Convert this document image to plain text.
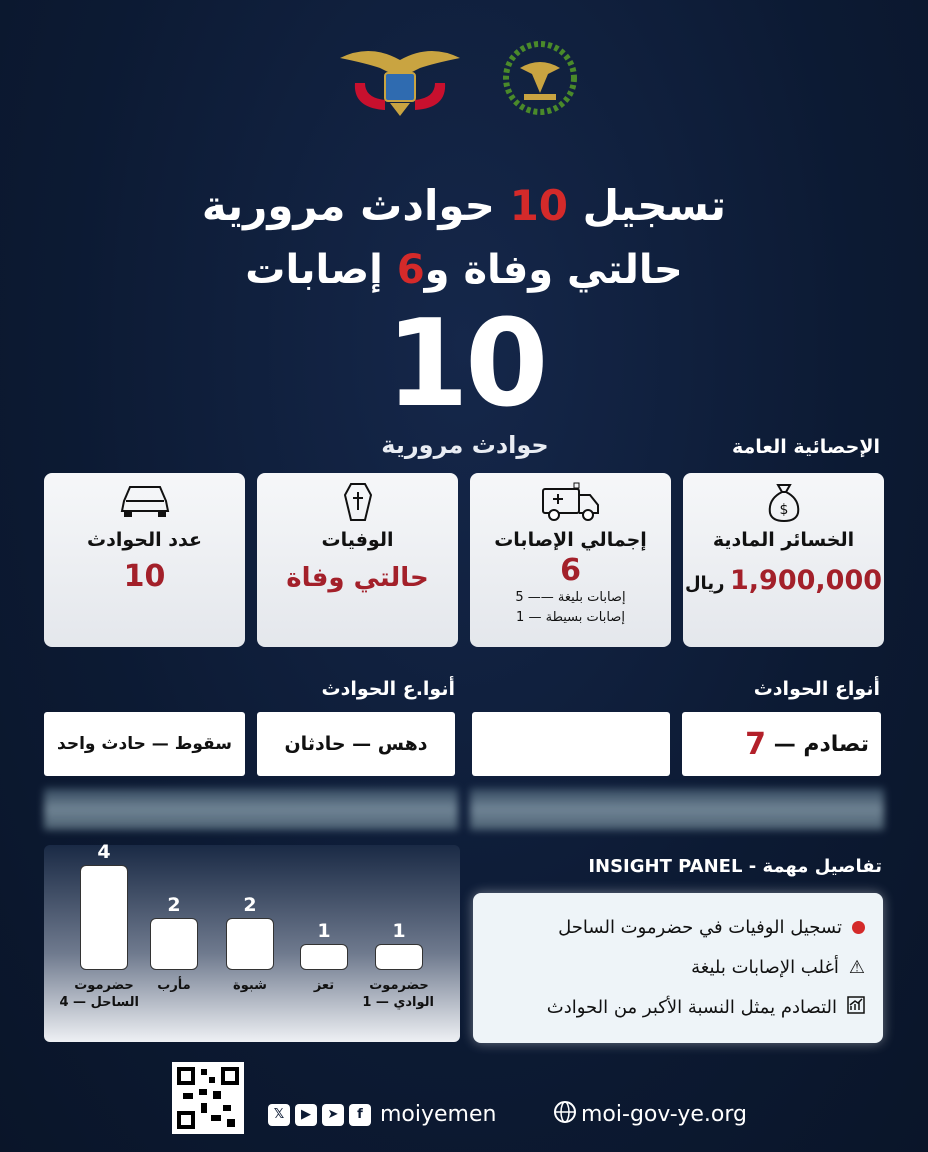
تسجيل 10 حوادث مرورية
حالتي وفاة و6 إصابات
10
حوادث مرورية	الإحصائية العامة
$
الخسائر المادية
1,900,000 ريال
إجمالي الإصابات
6
إصابات بليغة —— 5
إصابات بسيطة — 1
الوفيات
حالتي وفاة
عدد الحوادث
10
أنواع الحوادث
أنوا.ع الحوادث
تصادم —

7
دهس — حادثان
سقوط — حادث واحد
4
حضرموت
الساحل — 4
2
مأرب
2
شبوة
1
تعز
1
حضرموت
الوادي — 1
تفاصيل مهمة - INSIGHT PANEL
تسجيل الوفيات في حضرموت الساحل
⚠
أغلب الإصابات بليغة
التصادم يمثل النسبة الأكبر من الحوادث
𝕏	▶	➤	f moiyemen	moi-gov-ye.org
